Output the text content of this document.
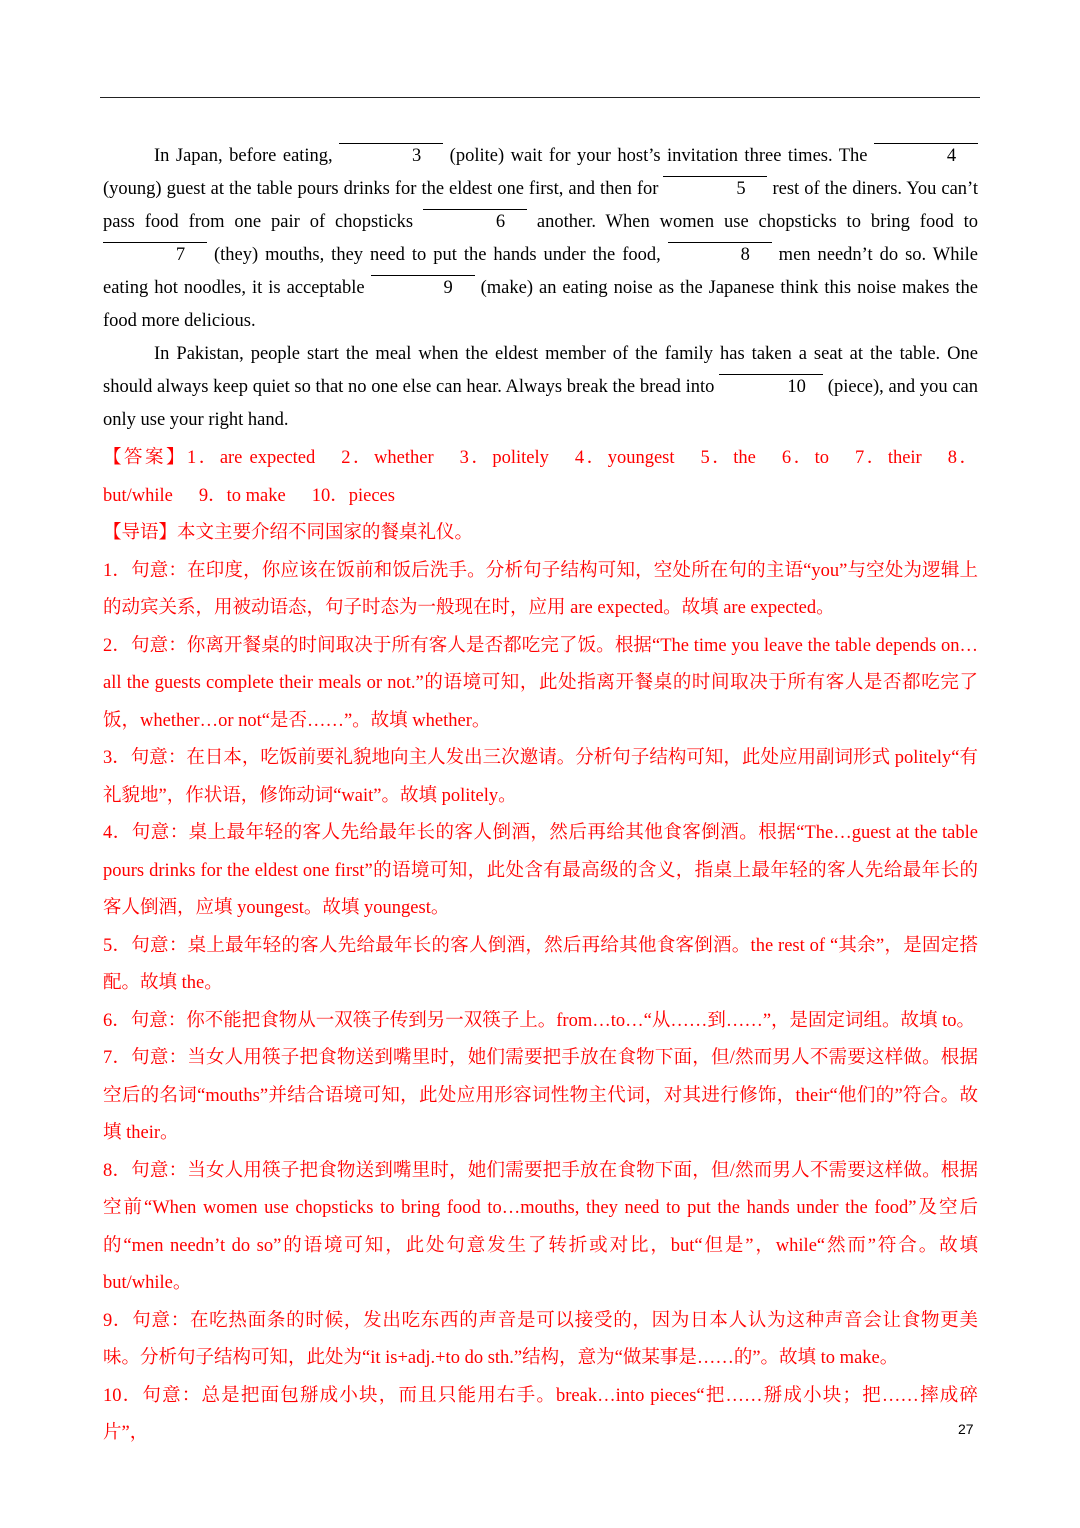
In Japan, before eating,	3 (polite) wait for your host’s invitation three times. The	4 (young) guest at the table pours drinks for the eldest one first, and then for	5 rest of the diners. You can’t pass food from one pair of chopsticks	6 another. When women use chopsticks to bring food to 7 (they) mouths, they need to put the hands under the food,	8 men needn’t do so. While eating hot noodles, it is acceptable	9 (make) an eating noise as the Japanese think this noise makes the food more delicious.

In Pakistan, people start the meal when the eldest member of the family has taken a seat at the table. One should always keep quiet so that no one else can hear. Always break the bread into	10 (piece), and you can only use your right hand.

【答案】1．are expected 2．whether 3．politely 4．youngest 5．the 6．to 7．their 8．but/while 9．to make 10．pieces

【导语】本文主要介绍不同国家的餐桌礼仪。

1．句意：在印度，你应该在饭前和饭后洗手。分析句子结构可知，空处所在句的主语“you”与空处为逻辑上的动宾关系，用被动语态，句子时态为一般现在时，应用 are expected。故填 are expected。

2．句意：你离开餐桌的时间取决于所有客人是否都吃完了饭。根据“The time you leave the table depends on…all the guests complete their meals or not.”的语境可知，此处指离开餐桌的时间取决于所有客人是否都吃完了饭，whether…or not“是否……”。故填 whether。

3．句意：在日本，吃饭前要礼貌地向主人发出三次邀请。分析句子结构可知，此处应用副词形式 politely“有礼貌地”，作状语，修饰动词“wait”。故填 politely。

4．句意：桌上最年轻的客人先给最年长的客人倒酒，然后再给其他食客倒酒。根据“The…guest at the table pours drinks for the eldest one first”的语境可知，此处含有最高级的含义，指桌上最年轻的客人先给最年长的客人倒酒，应填 youngest。故填 youngest。

5．句意：桌上最年轻的客人先给最年长的客人倒酒，然后再给其他食客倒酒。the rest of “其余”，是固定搭配。故填 the。

6．句意：你不能把食物从一双筷子传到另一双筷子上。from…to…“从……到……”，是固定词组。故填 to。

7．句意：当女人用筷子把食物送到嘴里时，她们需要把手放在食物下面，但/然而男人不需要这样做。根据空后的名词“mouths”并结合语境可知，此处应用形容词性物主代词，对其进行修饰，their“他们的”符合。故填 their。

8．句意：当女人用筷子把食物送到嘴里时，她们需要把手放在食物下面，但/然而男人不需要这样做。根据空前“When women use chopsticks to bring food to…mouths, they need to put the hands under the food”及空后的“men needn’t do so”的语境可知，此处句意发生了转折或对比，but“但是”，while“然而”符合。故填 but/while。

9．句意：在吃热面条的时候，发出吃东西的声音是可以接受的，因为日本人认为这种声音会让食物更美味。分析句子结构可知，此处为“it is+adj.+to do sth.”结构，意为“做某事是……的”。故填 to make。

10．句意：总是把面包掰成小块，而且只能用右手。break…into pieces“把……掰成小块；把……摔成碎片”，	27
